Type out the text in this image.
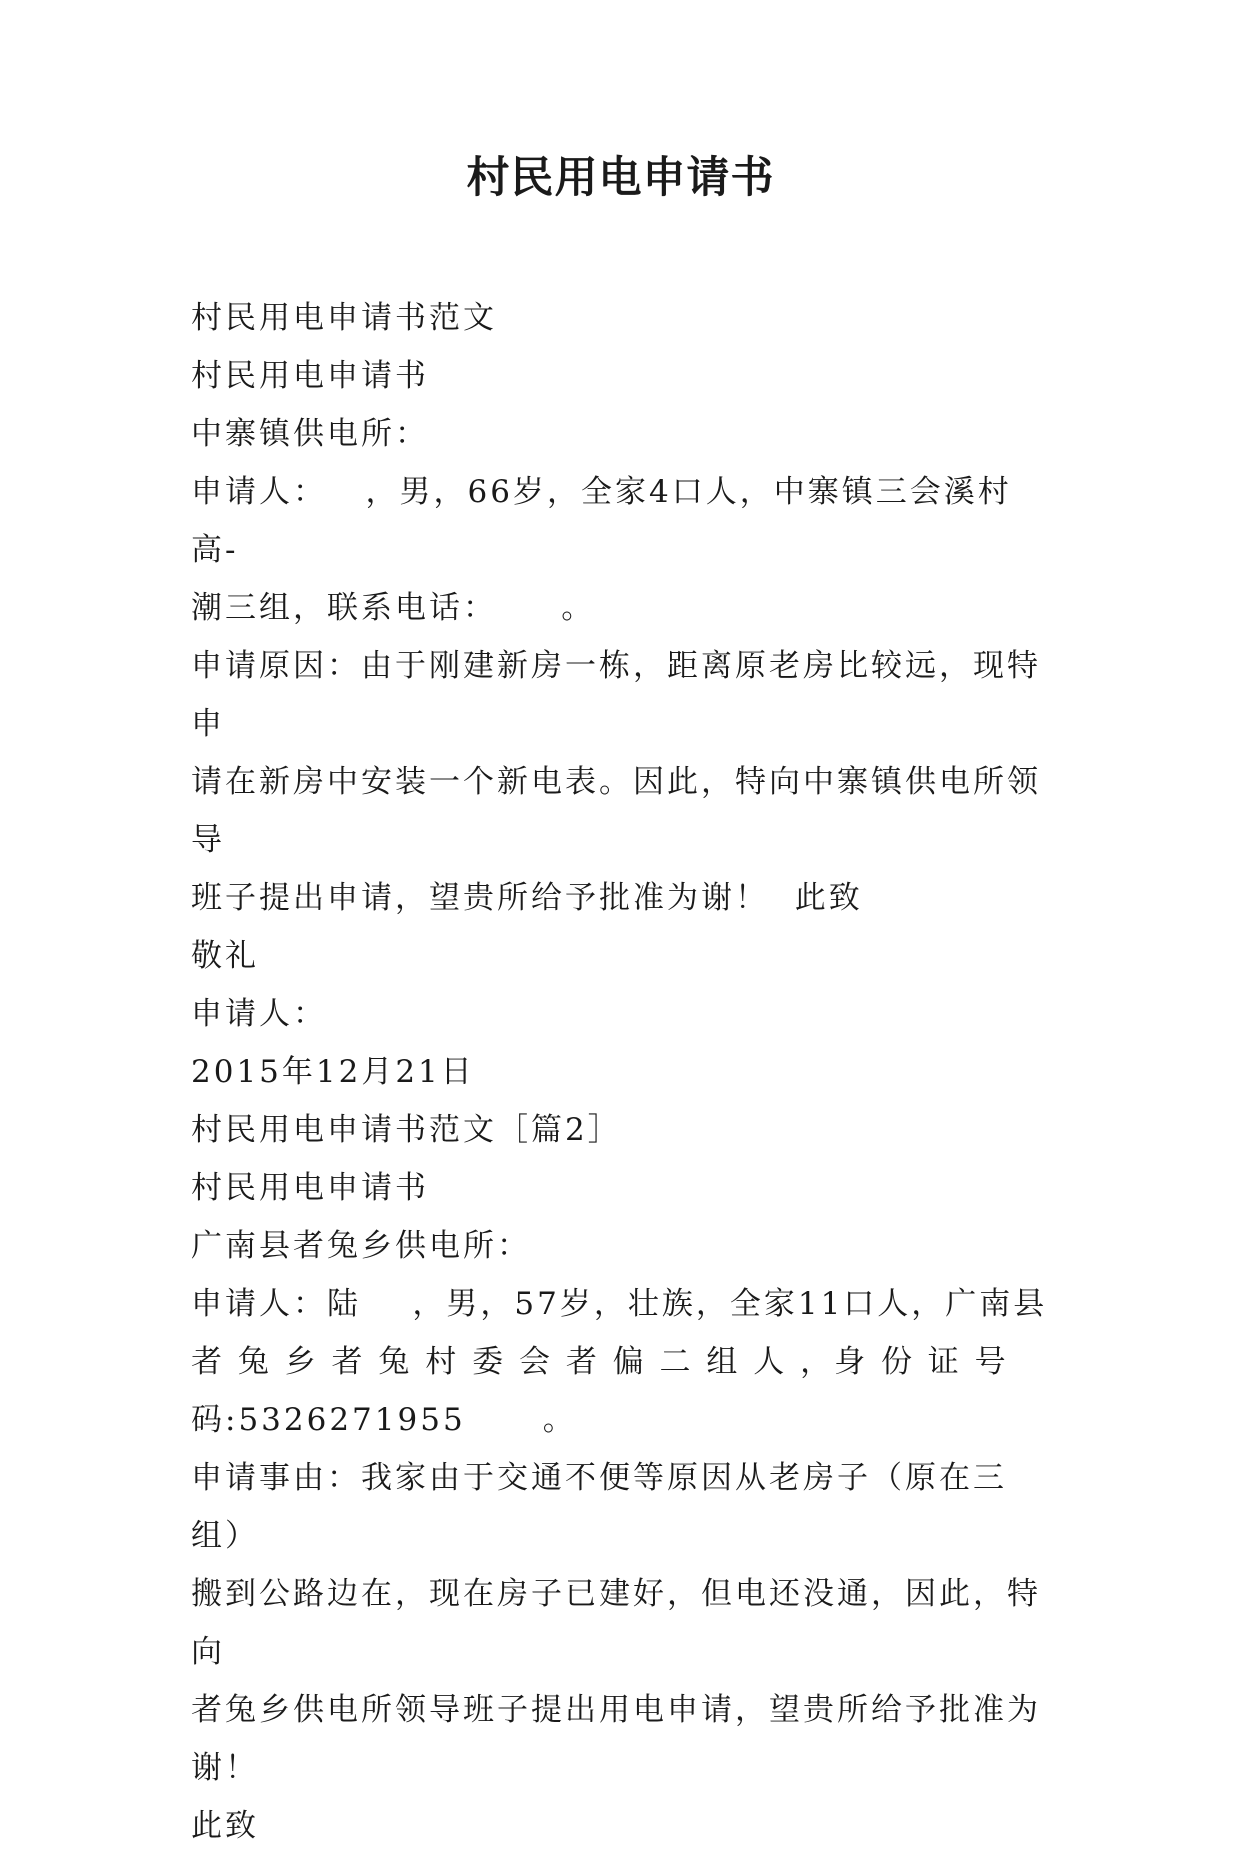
村民用电申请书

村民用电申请书范文

村民用电申请书

中寨镇供电所：

申请人：   ，男，66岁，全家4口人，中寨镇三会溪村高-

潮三组，联系电话：     。

申请原因：由于刚建新房一栋，距离原老房比较远，现特申

请在新房中安装一个新电表。因此，特向中寨镇供电所领导

班子提出申请，望贵所给予批准为谢！  此致

敬礼

申请人：

2015年12月21日

村民用电申请书范文［篇2］

村民用电申请书

广南县者兔乡供电所：

申请人：陆    ，男，57岁，壮族，全家11口人，广南县

者 兔 乡 者 兔 村 委 会 者 偏 二 组 人 ，身 份 证 号

码:5326271955      。

申请事由：我家由于交通不便等原因从老房子（原在三组）

搬到公路边在，现在房子已建好，但电还没通，因此，特向

者兔乡供电所领导班子提出用电申请，望贵所给予批准为

谢！

此致
